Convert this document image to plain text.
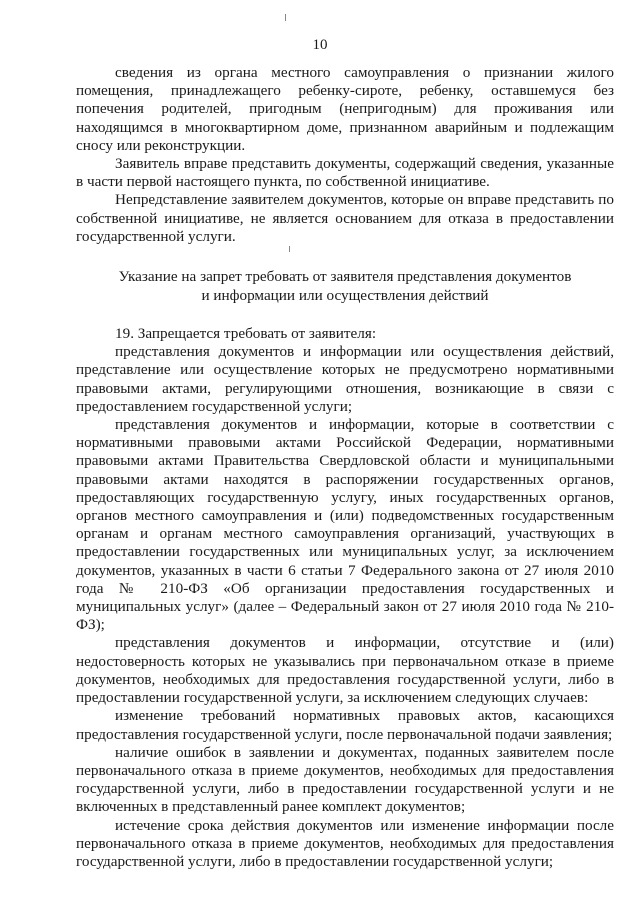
10

сведения из органа местного самоуправления о признании жилого помещения, принадлежащего ребенку-сироте, ребенку, оставшемуся без попечения родителей, пригодным (непригодным) для проживания или находящимся в многоквартирном доме, признанном аварийным и подлежащим сносу или реконструкции.

Заявитель вправе представить документы, содержащий сведения, указанные в части первой настоящего пункта, по собственной инициативе.

Непредставление заявителем документов, которые он вправе представить по собственной инициативе, не является основанием для отказа в предоставлении государственной услуги.

Указание на запрет требовать от заявителя представления документов
и информации или осуществления действий

19. Запрещается требовать от заявителя:

представления документов и информации или осуществления действий, представление или осуществление которых не предусмотрено нормативными правовыми актами, регулирующими отношения, возникающие в связи с предоставлением государственной услуги;

представления документов и информации, которые в соответствии с нормативными правовыми актами Российской Федерации, нормативными правовыми актами Правительства Свердловской области и муниципальными правовыми актами находятся в распоряжении государственных органов, предоставляющих государственную услугу, иных государственных органов, органов местного самоуправления и (или) подведомственных государственным органам и органам местного самоуправления организаций, участвующих в предоставлении государственных или муниципальных услуг, за исключением документов, указанных в части 6 статьи 7 Федерального закона от 27 июля 2010 года № 210-ФЗ «Об организации предоставления государственных и муниципальных услуг» (далее – Федеральный закон от 27 июля 2010 года № 210-ФЗ);

представления документов и информации, отсутствие и (или) недостоверность которых не указывались при первоначальном отказе в приеме документов, необходимых для предоставления государственной услуги, либо в предоставлении государственной услуги, за исключением следующих случаев:

изменение требований нормативных правовых актов, касающихся предоставления государственной услуги, после первоначальной подачи заявления;

наличие ошибок в заявлении и документах, поданных заявителем после первоначального отказа в приеме документов, необходимых для предоставления государственной услуги, либо в предоставлении государственной услуги и не включенных в представленный ранее комплект документов;

истечение срока действия документов или изменение информации после первоначального отказа в приеме документов, необходимых для предоставления государственной услуги, либо в предоставлении государственной услуги;
